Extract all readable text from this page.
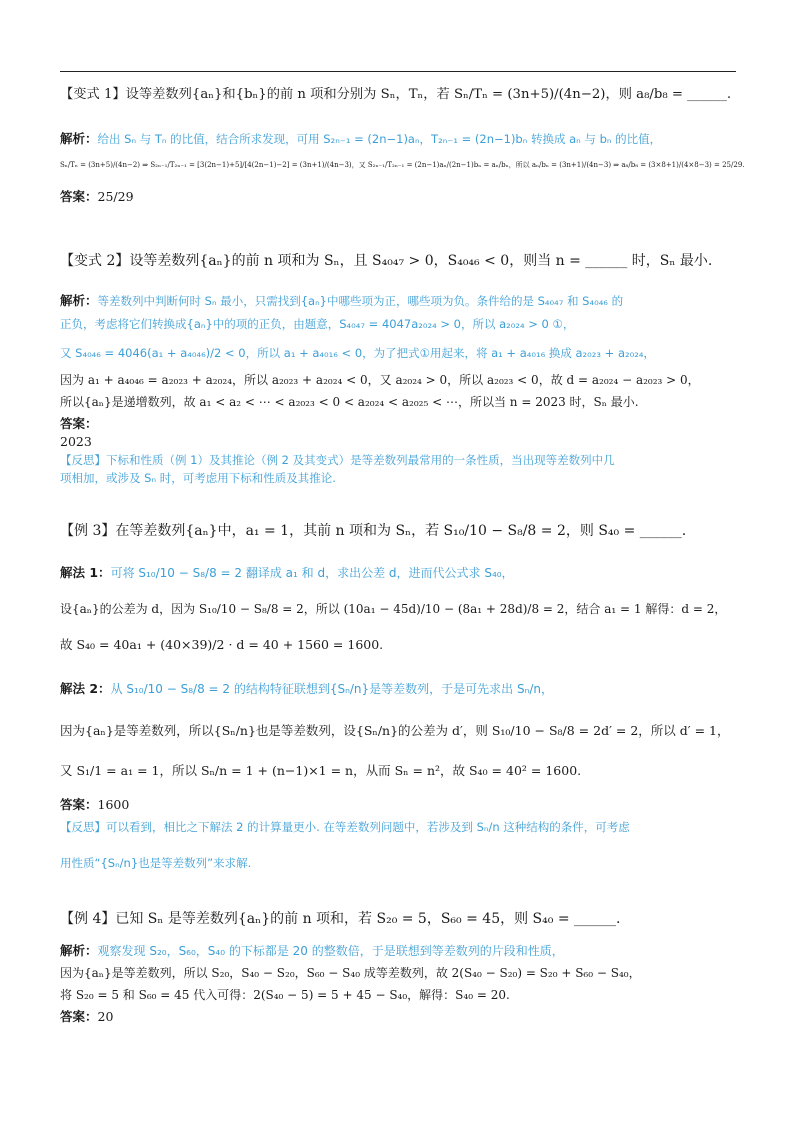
【变式 1】设等差数列{aₙ}和{bₙ}的前 n 项和分别为 Sₙ，Tₙ，若 Sₙ/Tₙ = (3n+5)/(4n−2)，则 a₈/b₈ = ______.
解析：给出 Sₙ 与 Tₙ 的比值，结合所求发现，可用 S₂ₙ₋₁ = (2n−1)aₙ，T₂ₙ₋₁ = (2n−1)bₙ 转换成 aₙ 与 bₙ 的比值，
Sₙ/Tₙ = (3n+5)/(4n−2) ⇒ S₂ₙ₋₁/T₂ₙ₋₁ = [3(2n−1)+5]/[4(2n−1)−2] = (3n+1)/(4n−3)，又 S₂ₙ₋₁/T₂ₙ₋₁ = (2n−1)aₙ/(2n−1)bₙ = aₙ/bₙ，所以 aₙ/bₙ = (3n+1)/(4n−3) ⇒ a₈/b₈ = (3×8+1)/(4×8−3) = 25/29.
答案：25/29
【变式 2】设等差数列{aₙ}的前 n 项和为 Sₙ，且 S₄₀₄₇ > 0，S₄₀₄₆ < 0，则当 n = ______ 时，Sₙ 最小.
解析：等差数列中判断何时 Sₙ 最小，只需找到{aₙ}中哪些项为正，哪些项为负。条件给的是 S₄₀₄₇ 和 S₄₀₄₆ 的
正负，考虑将它们转换成{aₙ}中的项的正负，由题意，S₄₀₄₇ = 4047a₂₀₂₄ > 0，所以 a₂₀₂₄ > 0 ①，
又 S₄₀₄₆ = 4046(a₁ + a₄₀₄₆)/2 < 0，所以 a₁ + a₄₀₁₆ < 0，为了把式①用起来，将 a₁ + a₄₀₁₆ 换成 a₂₀₂₃ + a₂₀₂₄，
因为 a₁ + a₄₀₄₆ = a₂₀₂₃ + a₂₀₂₄，所以 a₂₀₂₃ + a₂₀₂₄ < 0，又 a₂₀₂₄ > 0，所以 a₂₀₂₃ < 0，故 d = a₂₀₂₄ − a₂₀₂₃ > 0，
所以{aₙ}是递增数列，故 a₁ < a₂ < ⋯ < a₂₀₂₃ < 0 < a₂₀₂₄ < a₂₀₂₅ < ⋯，所以当 n = 2023 时，Sₙ 最小.
答案：
2023
【反思】下标和性质（例 1）及其推论（例 2 及其变式）是等差数列最常用的一条性质，当出现等差数列中几
项相加，或涉及 Sₙ 时，可考虑用下标和性质及其推论.
【例 3】在等差数列{aₙ}中，a₁ = 1，其前 n 项和为 Sₙ，若 S₁₀/10 − S₈/8 = 2，则 S₄₀ = ______.
解法 1：可将 S₁₀/10 − S₈/8 = 2 翻译成 a₁ 和 d，求出公差 d，进而代公式求 S₄₀，
设{aₙ}的公差为 d，因为 S₁₀/10 − S₈/8 = 2，所以 (10a₁ − 45d)/10 − (8a₁ + 28d)/8 = 2，结合 a₁ = 1 解得：d = 2，
故 S₄₀ = 40a₁ + (40×39)/2 · d = 40 + 1560 = 1600.
解法 2：从 S₁₀/10 − S₈/8 = 2 的结构特征联想到{Sₙ/n}是等差数列，于是可先求出 Sₙ/n，
因为{aₙ}是等差数列，所以{Sₙ/n}也是等差数列，设{Sₙ/n}的公差为 d′，则 S₁₀/10 − S₈/8 = 2d′ = 2，所以 d′ = 1，
又 S₁/1 = a₁ = 1，所以 Sₙ/n = 1 + (n−1)×1 = n，从而 Sₙ = n²，故 S₄₀ = 40² = 1600.
答案：1600
【反思】可以看到，相比之下解法 2 的计算量更小. 在等差数列问题中，若涉及到 Sₙ/n 这种结构的条件，可考虑
用性质“{Sₙ/n}也是等差数列”来求解.
【例 4】已知 Sₙ 是等差数列{aₙ}的前 n 项和，若 S₂₀ = 5，S₆₀ = 45，则 S₄₀ = ______.
解析：观察发现 S₂₀，S₆₀，S₄₀ 的下标都是 20 的整数倍，于是联想到等差数列的片段和性质，
因为{aₙ}是等差数列，所以 S₂₀，S₄₀ − S₂₀，S₆₀ − S₄₀ 成等差数列，故 2(S₄₀ − S₂₀) = S₂₀ + S₆₀ − S₄₀，
将 S₂₀ = 5 和 S₆₀ = 45 代入可得：2(S₄₀ − 5) = 5 + 45 − S₄₀，解得：S₄₀ = 20.
答案：20
